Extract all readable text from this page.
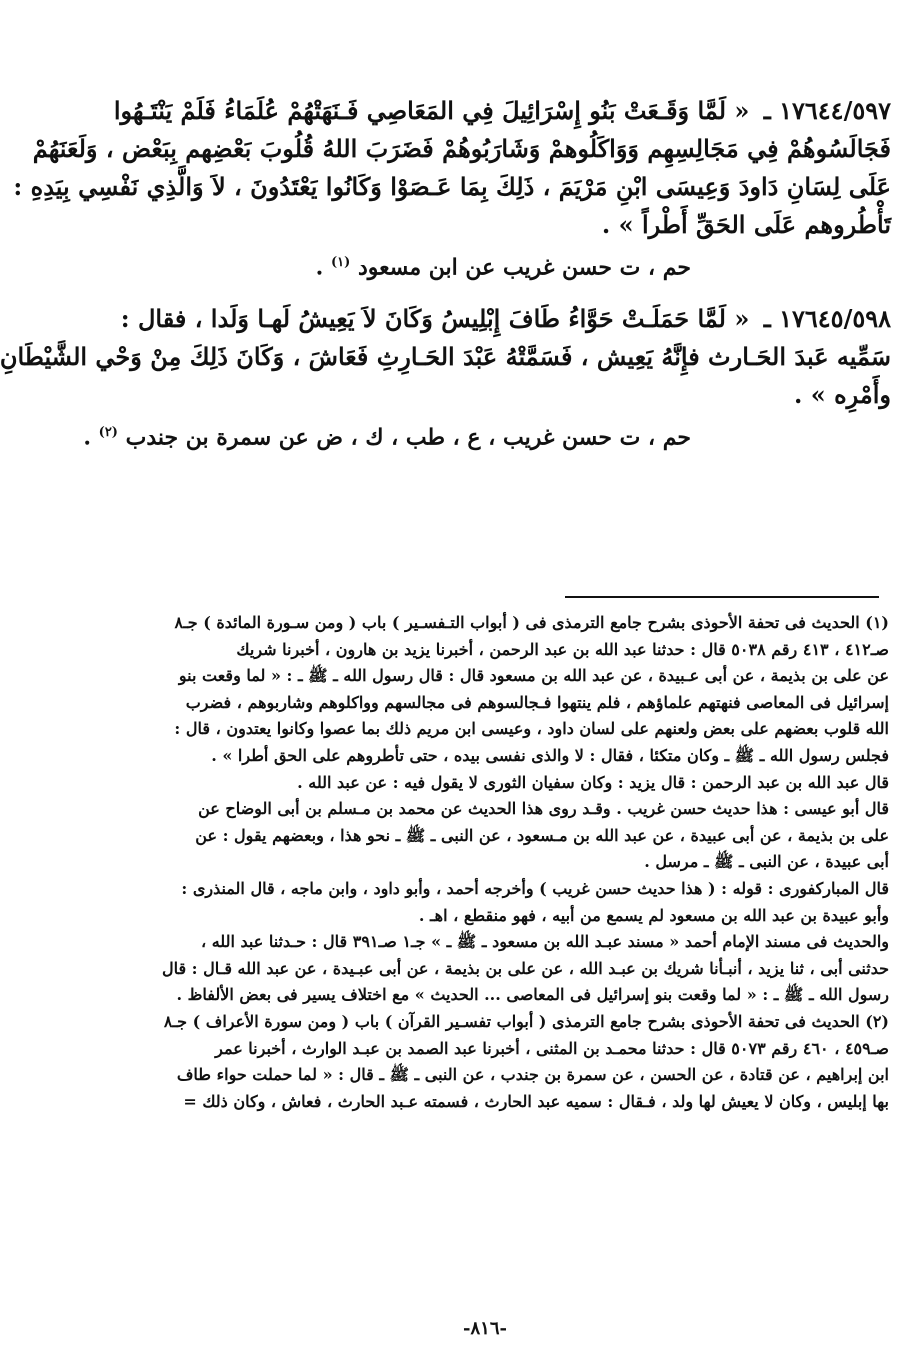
١٧٦٤٤/٥٩٧ ـ « لَمَّا وَقَـعَتْ بَنُو إِسْرَائِيلَ فِي المَعَاصِي فَـنَهَتْهُمْ عُلَمَاءُ فَلَمْ يَنْتَـهُوا
فَجَالَسُوهُمْ فِي مَجَالِسِهِم وَوَاكَلُوهمْ وَشَارَبُوهُمْ فَضَرَبَ اللهُ قُلُوبَ بَعْضِهم بِبَعْض ، وَلَعَنَهُمْ
عَلَى لِسَانِ دَاودَ وَعِيسَى ابْنِ مَرْيَمَ ، ذَلِكَ بِمَا عَـصَوْا وَكَانُوا يَعْتَدُونَ ، لاَ وَالَّذِي نَفْسِي بِيَدِهِ :
تَأْطُروهم عَلَى الحَقِّ أَطْراً » .
حم ، ت حسن غريب عن ابن مسعود $^{(١)}$ .
١٧٦٤٥/٥٩٨ ـ « لَمَّا حَمَلَـتْ حَوَّاءُ طَافَ إِبْلِيسُ وَكَانَ لاَ يَعِيشُ لَهـا وَلَدا ، فقال :
سَمِّيه عَبدَ الحَـارث فإِنَّهُ يَعِيش ، فَسَمَّتْهُ عَبْدَ الحَـارِثِ فَعَاشَ ، وَكَانَ ذَلِكَ مِنْ وَحْي الشَّيْطَانِ
وأَمْرِه » .
حم ، ت حسن غريب ، ع ، طب ، ك ، ض عن سمرة بن جندب $^{(٢)}$ .
(١) الحديث فى تحفة الأحوذى بشرح جامع الترمذى فى ( أبواب التـفسـير ) باب ( ومن سـورة المائدة ) جـ٨
صـ٤١٢ ، ٤١٣ رقم ٥٠٣٨ قال : حدثنا عبد الله بن عبد الرحمن ، أخبرنا يزيد بن هارون ، أخبرنا شريك
عن على بن بذيمة ، عن أبى عـبيدة ، عن عبد الله بن مسعود قال : قال رسول الله ـ ﷺ ـ : « لما وقعت بنو
إسرائيل فى المعاصى فنهتهم علماؤهم ، فلم ينتهوا فـجالسوهم فى مجالسهم وواكلوهم وشاربوهم ، فضرب
الله قلوب بعضهم على بعض ولعنهم على لسان داود ، وعيسى ابن مريم ذلك بما عصوا وكانوا يعتدون ، قال :
فجلس رسول الله ـ ﷺ ـ وكان متكئا ، فقال : لا والذى نفسى بيده ، حتى تأطروهم على الحق أطرا » .
قال عبد الله بن عبد الرحمن : قال يزيد : وكان سفيان الثورى لا يقول فيه : عن عبد الله .
قال أبو عيسى : هذا حديث حسن غريب . وقـد روى هذا الحديث عن محمد بن مـسلم بن أبى الوضاح عن
على بن بذيمة ، عن أبى عبيدة ، عن عبد الله بن مـسعود ، عن النبى ـ ﷺ ـ نحو هذا ، وبعضهم يقول : عن
أبى عبيدة ، عن النبى ـ ﷺ ـ مرسل .
قال المباركفورى : قوله : ( هذا حديث حسن غريب ) وأخرجه أحمد ، وأبو داود ، وابن ماجه ، قال المنذرى :
وأبو عبيدة بن عبد الله بن مسعود لم يسمع من أبيه ، فهو منقطع ، اهـ .
والحديث فى مسند الإمام أحمد « مسند عبـد الله بن مسعود ـ ﷺ ـ » جـ١ صـ٣٩١ قال : حـدثنا عبد الله ،
حدثنى أبى ، ثنا يزيد ، أنبـأنا شريك بن عبـد الله ، عن على بن بذيمة ، عن أبى عبـيدة ، عن عبد الله قـال : قال
رسول الله ـ ﷺ ـ : « لما وقعت بنو إسرائيل فى المعاصى ... الحديث » مع اختلاف يسير فى بعض الألفاظ .
(٢) الحديث فى تحفة الأحوذى بشرح جامع الترمذى ( أبواب تفسـير القرآن ) باب ( ومن سورة الأعراف ) جـ٨
صـ٤٥٩ ، ٤٦٠ رقم ٥٠٧٣ قال : حدثنا محمـد بن المثنى ، أخبرنا عبد الصمد بن عبـد الوارث ، أخبرنا عمر
ابن إبراهيم ، عن قتادة ، عن الحسن ، عن سمرة بن جندب ، عن النبى ـ ﷺ ـ قال : « لما حملت حواء طاف
بها إبليس ، وكان لا يعيش لها ولد ، فـقال : سميه عبد الحارث ، فسمته عـبد الحارث ، فعاش ، وكان ذلك =
-٨١٦-
